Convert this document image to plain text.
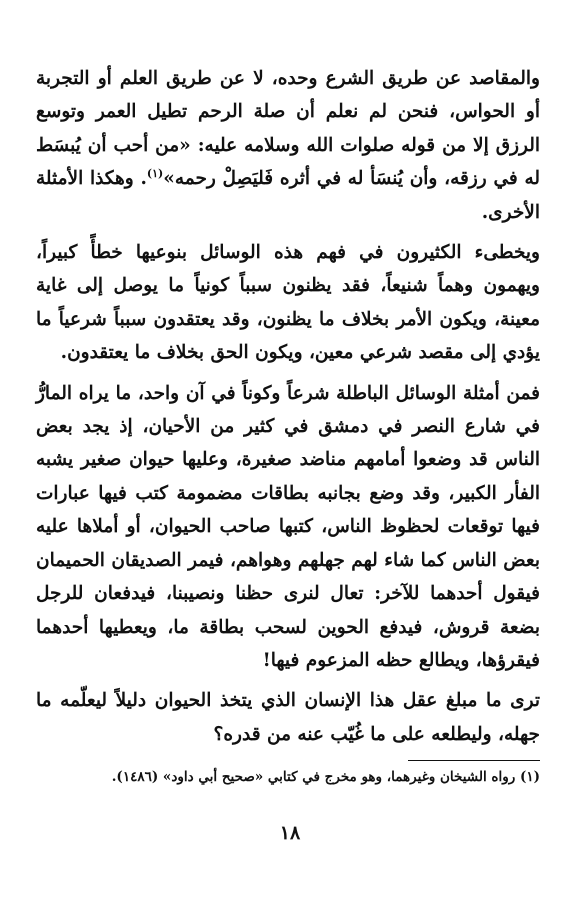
والمقاصد عن طريق الشرع وحده، لا عن طريق العلم أو التجربة أو الحواس، فنحن لم نعلم أن صلة الرحم تطيل العمر وتوسع الرزق إلا من قوله صلوات الله وسلامه عليه: «من أحب أن يُبسَط له في رزقه، وأن يُنسَأ له في أثره فَليَصِلْ رحمه»$^{(١)}$. وهكذا الأمثلة الأخرى.

ويخطىء الكثيرون في فهم هذه الوسائل بنوعيها خطأً كبيراً، ويهمون وهماً شنيعاً، فقد يظنون سبباً كونياً ما يوصل إلى غاية معينة، ويكون الأمر بخلاف ما يظنون، وقد يعتقدون سبباً شرعياً ما يؤدي إلى مقصد شرعي معين، ويكون الحق بخلاف ما يعتقدون.

فمن أمثلة الوسائل الباطلة شرعاً وكوناً في آن واحد، ما يراه المارُّ في شارع النصر في دمشق في كثير من الأحيان، إذ يجد بعض الناس قد وضعوا أمامهم مناضد صغيرة، وعليها حيوان صغير يشبه الفأر الكبير، وقد وضع بجانبه بطاقات مضمومة كتب فيها عبارات فيها توقعات لحظوظ الناس، كتبها صاحب الحيوان، أو أملاها عليه بعض الناس كما شاء لهم جهلهم وهواهم، فيمر الصديقان الحميمان فيقول أحدهما للآخر: تعال لنرى حظنا ونصيبنا، فيدفعان للرجل بضعة قروش، فيدفع الحوين لسحب بطاقة ما، ويعطيها أحدهما فيقرؤها، ويطالع حظه المزعوم فيها!

ترى ما مبلغ عقل هذا الإنسان الذي يتخذ الحيوان دليلاً ليعلّمه ما جهله، وليطلعه على ما غُيّب عنه من قدره؟

(١) رواه الشيخان وغيرهما، وهو مخرج في كتابي «صحيح أبي داود» (١٤٨٦).

١٨
